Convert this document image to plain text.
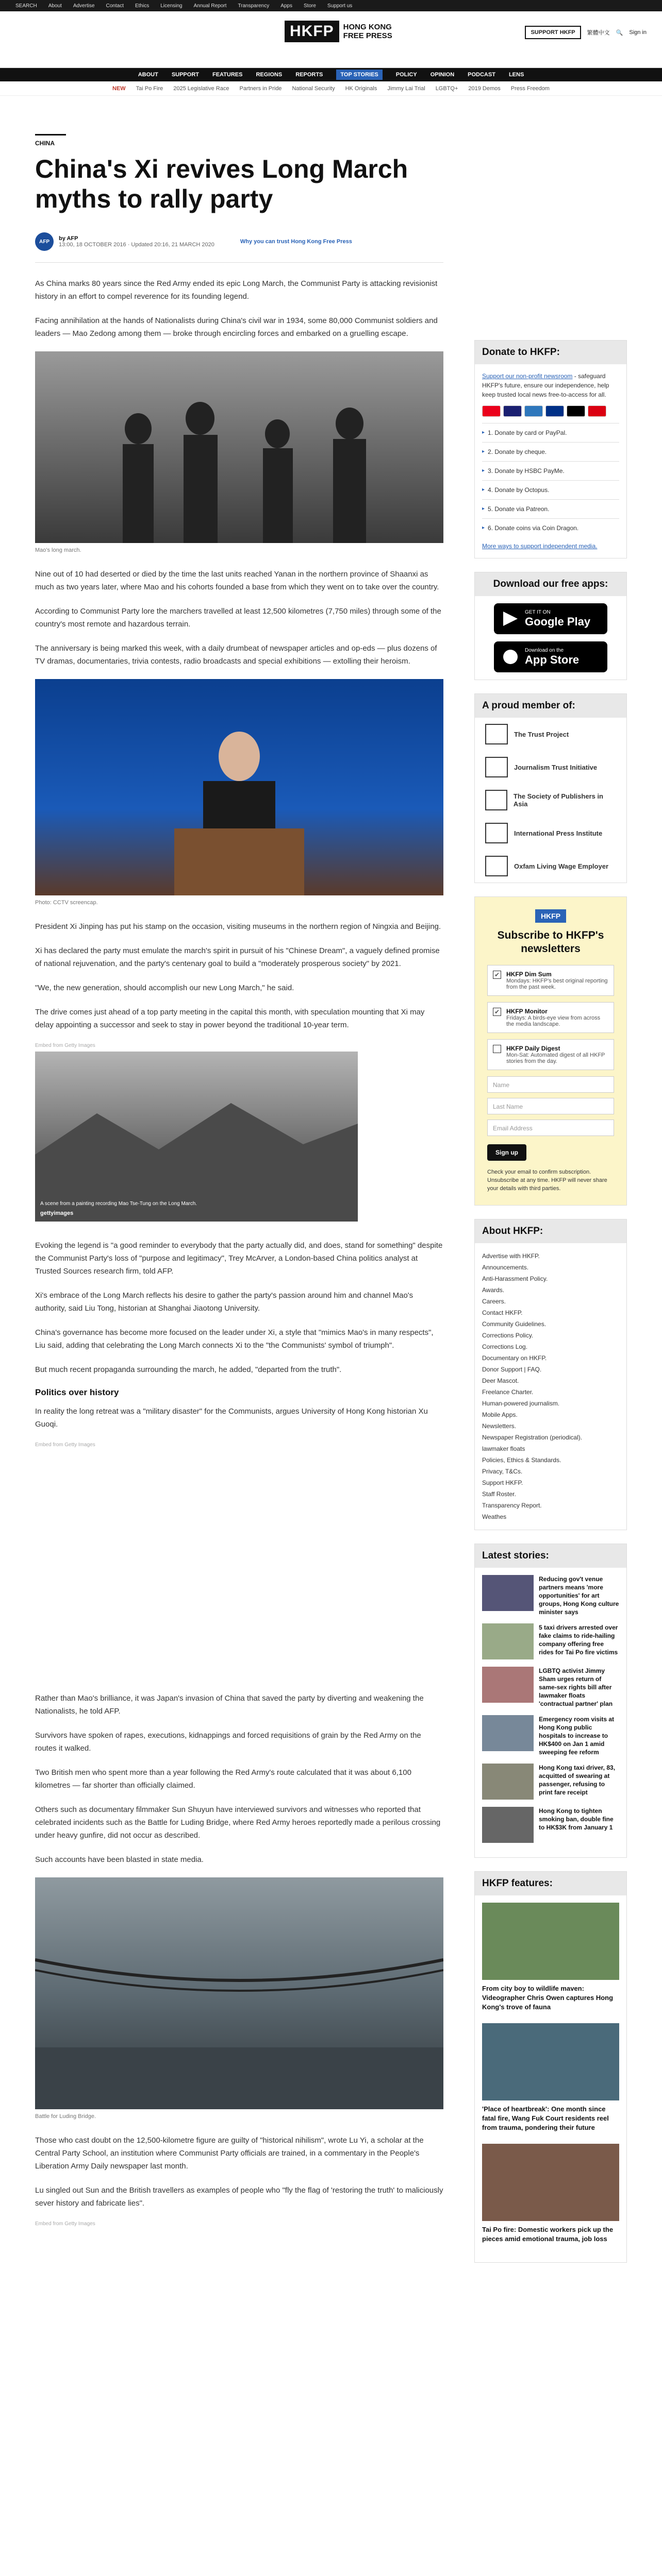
SEARCH About Advertise Contact Ethics Licensing Annual Report Transparency Apps Store Support us
HKFP	HONG KONG
FREE PRESS	SUPPORT HKFP	繁體中文 🔍 Sign in
ABOUT SUPPORT FEATURES REGIONS REPORTS	TOP STORIES	POLICY OPINION PODCAST LENS
NEW Tai Po Fire 2025 Legislative Race Partners in Pride National Security HK Originals Jimmy Lai Trial LGBTQ+ 2019 Demos Press Freedom
CHINA
China's Xi revives Long March myths to rally party
AFP	by AFP
13:00, 18 OCTOBER 2016 · Updated 20:16, 21 MARCH 2020	Why you can trust Hong Kong Free Press

As China marks 80 years since the Red Army ended its epic Long March, the Communist Party is attacking revisionist history in an effort to compel reverence for its founding legend.

Facing annihilation at the hands of Nationalists during China's civil war in 1934, some 80,000 Communist soldiers and leaders — Mao Zedong among them — broke through encircling forces and embarked on a gruelling escape.

Mao's long march.

Nine out of 10 had deserted or died by the time the last units reached Yanan in the northern province of Shaanxi as much as two years later, where Mao and his cohorts founded a base from which they went on to take over the country.

According to Communist Party lore the marchers travelled at least 12,500 kilometres (7,750 miles) through some of the country's most remote and hazardous terrain.

The anniversary is being marked this week, with a daily drumbeat of newspaper articles and op-eds — plus dozens of TV dramas, documentaries, trivia contests, radio broadcasts and special exhibitions — extolling their heroism.

Photo: CCTV screencap.

President Xi Jinping has put his stamp on the occasion, visiting museums in the northern region of Ningxia and Beijing.

Xi has declared the party must emulate the march's spirit in pursuit of his "Chinese Dream", a vaguely defined promise of national rejuvenation, and the party's centenary goal to build a "moderately prosperous society" by 2021.

"We, the new generation, should accomplish our new Long March," he said.

The drive comes just ahead of a top party meeting in the capital this month, with speculation mounting that Xi may delay appointing a successor and seek to stay in power beyond the traditional 10-year term.

Embed from Getty Images
A scene from a painting recording Mao Tse-Tung on the Long March.
gettyimages

Evoking the legend is "a good reminder to everybody that the party actually did, and does, stand for something" despite the Communist Party's loss of "purpose and legitimacy", Trey McArver, a London-based China politics analyst at Trusted Sources research firm, told AFP.

Xi's embrace of the Long March reflects his desire to gather the party's passion around him and channel Mao's authority, said Liu Tong, historian at Shanghai Jiaotong University.

China's governance has become more focused on the leader under Xi, a style that "mimics Mao's in many respects", Liu said, adding that celebrating the Long March connects Xi to the "the Communists' symbol of triumph".

But much recent propaganda surrounding the march, he added, "departed from the truth".

Politics over history

In reality the long retreat was a "military disaster" for the Communists, argues University of Hong Kong historian Xu Guoqi.

Embed from Getty Images

Rather than Mao's brilliance, it was Japan's invasion of China that saved the party by diverting and weakening the Nationalists, he told AFP.

Survivors have spoken of rapes, executions, kidnappings and forced requisitions of grain by the Red Army on the routes it walked.

Two British men who spent more than a year following the Red Army's route calculated that it was about 6,100 kilometres — far shorter than officially claimed.

Others such as documentary filmmaker Sun Shuyun have interviewed survivors and witnesses who reported that celebrated incidents such as the Battle for Luding Bridge, where Red Army heroes reportedly made a perilous crossing under heavy gunfire, did not occur as described.

Such accounts have been blasted in state media.

Battle for Luding Bridge.

Those who cast doubt on the 12,500-kilometre figure are guilty of "historical nihilism", wrote Lu Yi, a scholar at the Central Party School, an institution where Communist Party officials are trained, in a commentary in the People's Liberation Army Daily newspaper last month.

Lu singled out Sun and the British travellers as examples of people who "fly the flag of 'restoring the truth' to maliciously sever history and fabricate lies".

Embed from Getty Images
Donate to HKFP:
Support our non-profit newsroom - safeguard HKFP's future, ensure our independence, help keep trusted local news free-to-access for all.
▸ 1. Donate by card or PayPal.
▸ 2. Donate by cheque.
▸ 3. Donate by HSBC PayMe.
▸ 4. Donate by Octopus.
▸ 5. Donate via Patreon.
▸ 6. Donate coins via Coin Dragon.
More ways to support independent media.
Download our free apps:
GET IT ON
Google Play
Download on the
App Store
A proud member of:
The Trust Project
Journalism Trust Initiative
The Society of Publishers in Asia
International Press Institute
Oxfam Living Wage Employer
HKFP
Subscribe to HKFP's newsletters
✔ HKFP Dim Sum
Mondays: HKFP's best original reporting from the past week.
✔ HKFP Monitor
Fridays: A birds-eye view from across the media landscape.
HKFP Daily Digest
Mon-Sat: Automated digest of all HKFP stories from the day.
Name
Last Name
Email Address
Sign up
Check your email to confirm subscription. Unsubscribe at any time. HKFP will never share your details with third parties.
About HKFP:
Advertise with HKFP.
Announcements.
Anti-Harassment Policy.
Awards.
Careers.
Contact HKFP.
Community Guidelines.
Corrections Policy.
Corrections Log.
Documentary on HKFP.
Donor Support | FAQ.
Deer Mascot.
Freelance Charter.
Human-powered journalism.
Mobile Apps.
Newsletters.
Newspaper Registration (periodical).
lawmaker floats
Policies, Ethics & Standards.
Privacy, T&Cs.
Support HKFP.
Staff Roster.
Transparency Report.
Weathes
Latest stories:
Reducing gov't venue partners means 'more opportunities' for art groups, Hong Kong culture minister says
5 taxi drivers arrested over fake claims to ride-hailing company offering free rides for Tai Po fire victims
LGBTQ activist Jimmy Sham urges return of same-sex rights bill after lawmaker floats 'contractual partner' plan
Emergency room visits at Hong Kong public hospitals to increase to HK$400 on Jan 1 amid sweeping fee reform
Hong Kong taxi driver, 83, acquitted of swearing at passenger, refusing to print fare receipt
Hong Kong to tighten smoking ban, double fine to HK$3K from January 1
HKFP features:
From city boy to wildlife maven: Videographer Chris Owen captures Hong Kong's trove of fauna
'Place of heartbreak': One month since fatal fire, Wang Fuk Court residents reel from trauma, pondering their future
Tai Po fire: Domestic workers pick up the pieces amid emotional trauma, job loss
